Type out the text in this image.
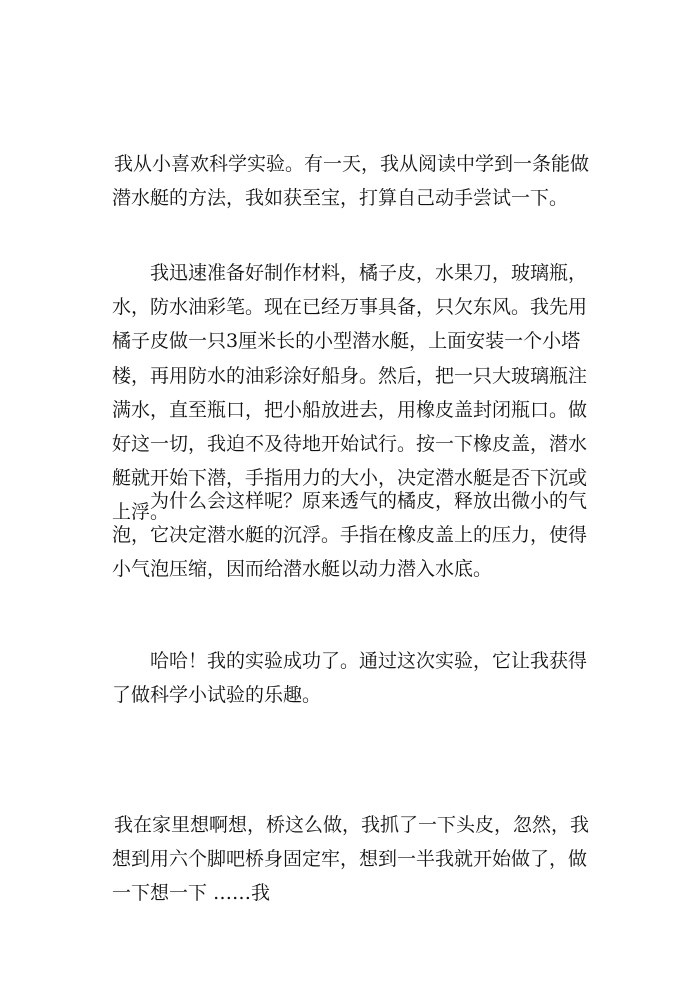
我从小喜欢科学实验。有一天，我从阅读中学到一条能做潜水艇的方法，我如获至宝，打算自己动手尝试一下。

我迅速准备好制作材料，橘子皮，水果刀，玻璃瓶，水，防水油彩笔。现在已经万事具备，只欠东风。我先用橘子皮做一只3厘米长的小型潜水艇，上面安装一个小塔楼，再用防水的油彩涂好船身。然后，把一只大玻璃瓶注满水，直至瓶口，把小船放进去，用橡皮盖封闭瓶口。做好这一切，我迫不及待地开始试行。按一下橡皮盖，潜水艇就开始下潜，手指用力的大小，决定潜水艇是否下沉或上浮。

为什么会这样呢？原来透气的橘皮，释放出微小的气泡，它决定潜水艇的沉浮。手指在橡皮盖上的压力，使得小气泡压缩，因而给潜水艇以动力潜入水底。

哈哈！我的实验成功了。通过这次实验，它让我获得了做科学小试验的乐趣。

我在家里想啊想，桥这么做，我抓了一下头皮，忽然，我想到用六个脚吧桥身固定牢，想到一半我就开始做了，做一下想一下 ……我
